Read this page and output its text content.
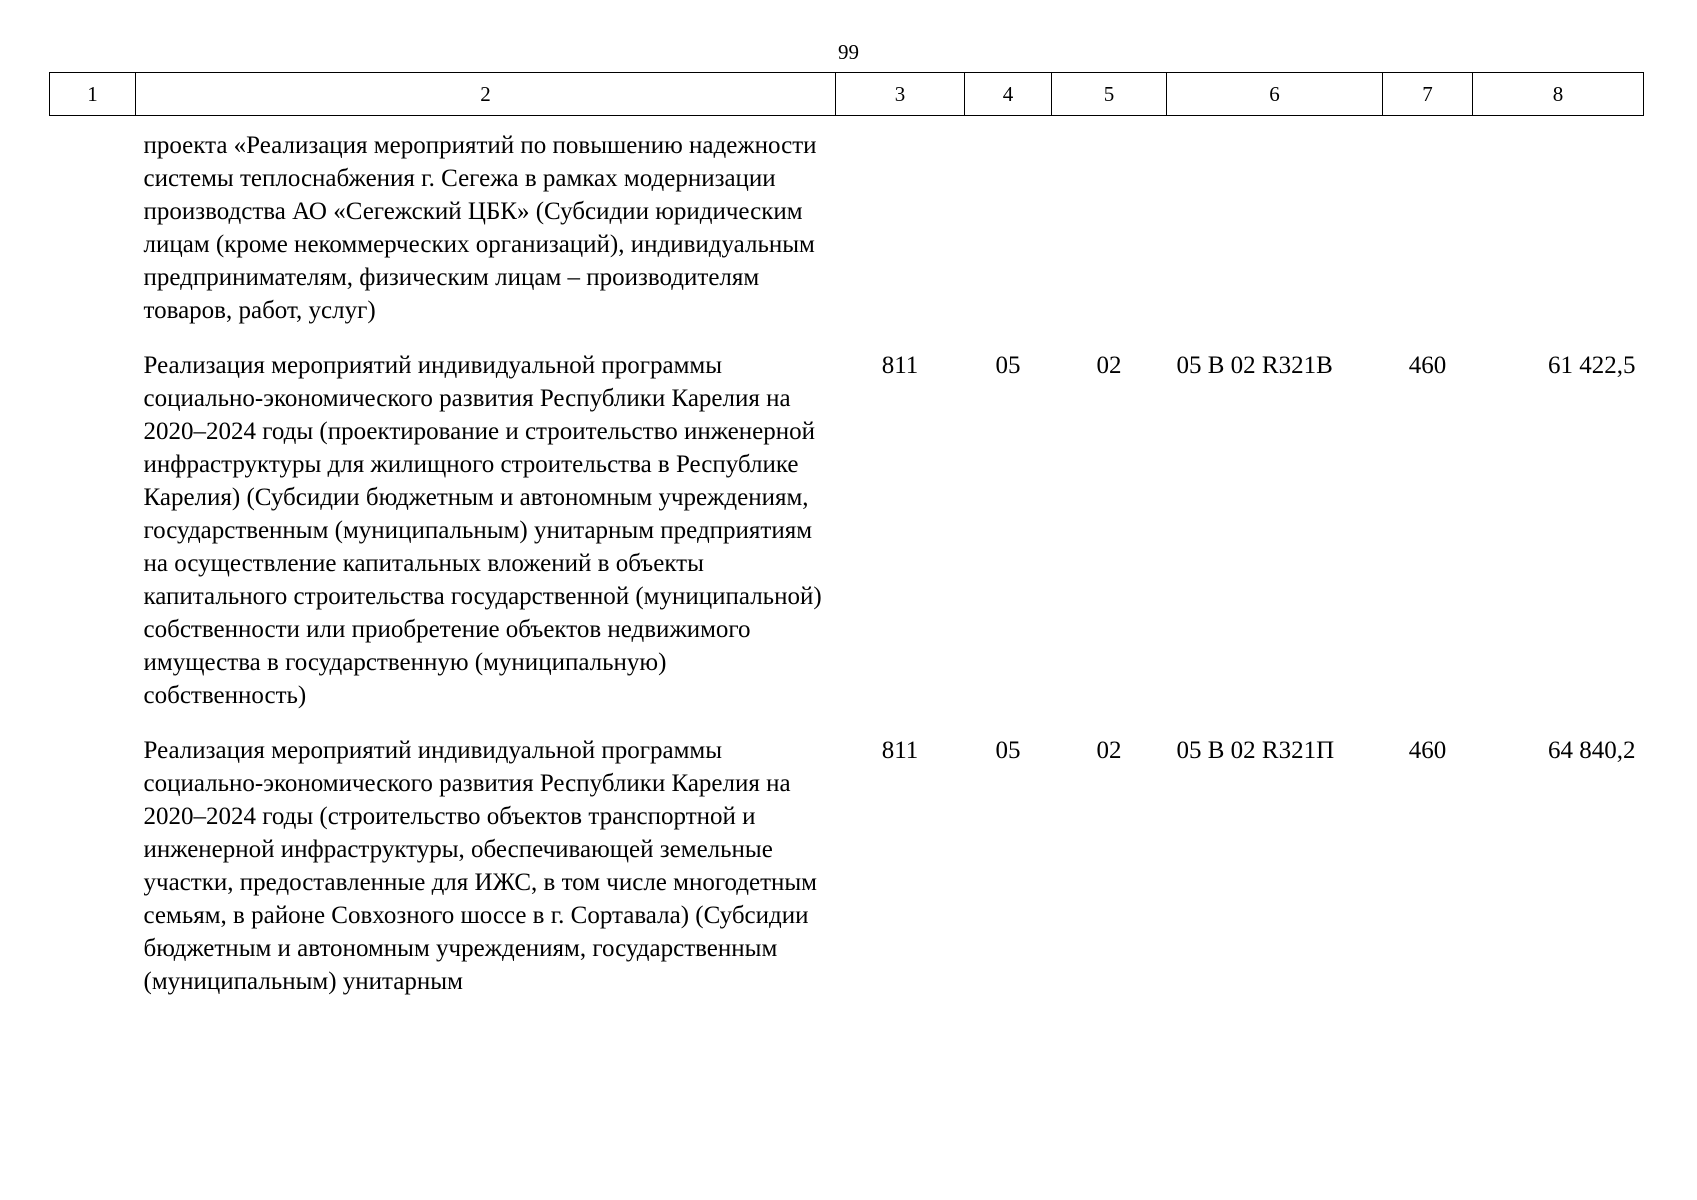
99
1	2	3	4	5	6	7	8
проекта «Реализация мероприятий по повышению надежности системы теплоснабжения г. Сегежа в рамках модернизации производства АО «Сегежский ЦБК» (Субсидии юридическим лицам (кроме некоммерческих организаций), индивидуальным предпринимателям, физическим лицам – производителям товаров, работ, услуг)							
Реализация мероприятий индивидуальной программы социально-экономического развития Республики Карелия на 2020–2024 годы (проектирование и строительство инженерной инфраструктуры для жилищного строительства в Республике Карелия) (Субсидии бюджетным и автономным учреждениям, государственным (муниципальным) унитарным предприятиям на осуществление капитальных вложений в объекты капитального строительства государственной (муниципальной) собственности или приобретение объектов недвижимого имущества в государственную (муниципальную) собственность)		811	05	02	05 В 02 R321В	460	61 422,5
Реализация мероприятий индивидуальной программы социально-экономического развития Республики Карелия на 2020–2024 годы (строительство объектов транспортной и инженерной инфраструктуры, обеспечивающей земельные участки, предоставленные для ИЖС, в том числе многодетным семьям, в районе Совхозного шоссе в г. Сортавала) (Субсидии бюджетным и автономным учреждениям, государственным (муниципальным) унитарным		811	05	02	05 В 02 R321П	460	64 840,2
